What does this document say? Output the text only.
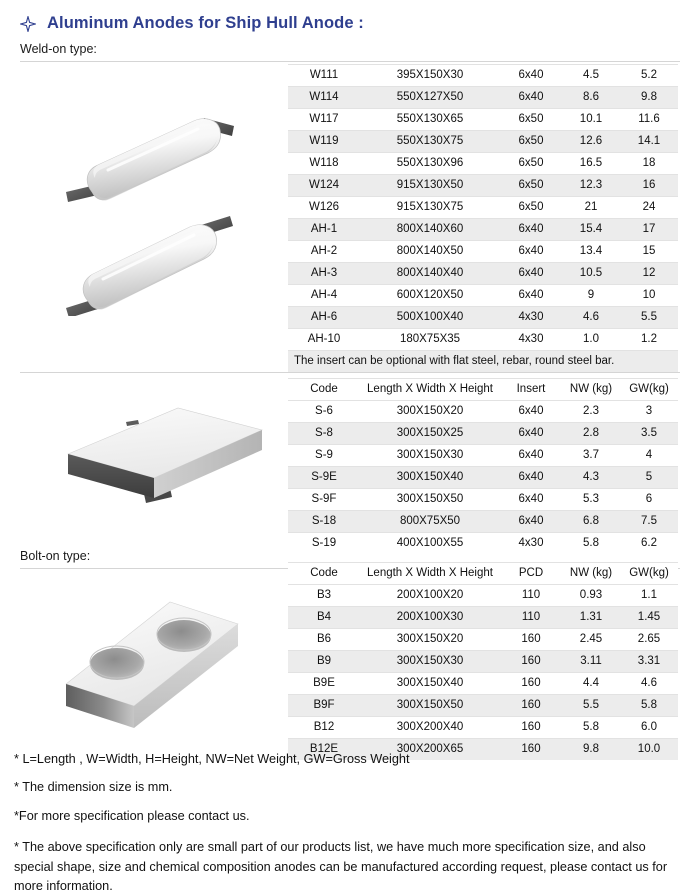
Aluminum Anodes for Ship Hull Anode :
Weld-on type:
W111	395X150X30	6x40	4.5	5.2
W114	550X127X50	6x40	8.6	9.8
W117	550X130X65	6x50	10.1	11.6
W119	550X130X75	6x50	12.6	14.1
W118	550X130X96	6x50	16.5	18
W124	915X130X50	6x50	12.3	16
W126	915X130X75	6x50	21	24
AH-1	800X140X60	6x40	15.4	17
AH-2	800X140X50	6x40	13.4	15
AH-3	800X140X40	6x40	10.5	12
AH-4	600X120X50	6x40	9	10
AH-6	500X100X40	4x30	4.6	5.5
AH-10	180X75X35	4x30	1.0	1.2
The insert can be optional with flat steel, rebar, round steel bar.				
Code	Length X Width X Height	Insert	NW (kg)	GW(kg)
S-6	300X150X20	6x40	2.3	3
S-8	300X150X25	6x40	2.8	3.5
S-9	300X150X30	6x40	3.7	4
S-9E	300X150X40	6x40	4.3	5
S-9F	300X150X50	6x40	5.3	6
S-18	800X75X50	6x40	6.8	7.5
S-19	400X100X55	4x30	5.8	6.2
Bolt-on type:
Code	Length X Width X Height	PCD	NW (kg)	GW(kg)
B3	200X100X20	110	0.93	1.1
B4	200X100X30	110	1.31	1.45
B6	300X150X20	160	2.45	2.65
B9	300X150X30	160	3.11	3.31
B9E	300X150X40	160	4.4	4.6
B9F	300X150X50	160	5.5	5.8
B12	300X200X40	160	5.8	6.0
B12E	300X200X65	160	9.8	10.0

* L=Length , W=Width, H=Height, NW=Net Weight, GW=Gross Weight

* The dimension size is mm.

*For more specification please contact us.

* The above specification only are small part of our products list, we have much more specification size, and also special shape, size and chemical composition anodes can be manufactured according request, please contact us for more information.
